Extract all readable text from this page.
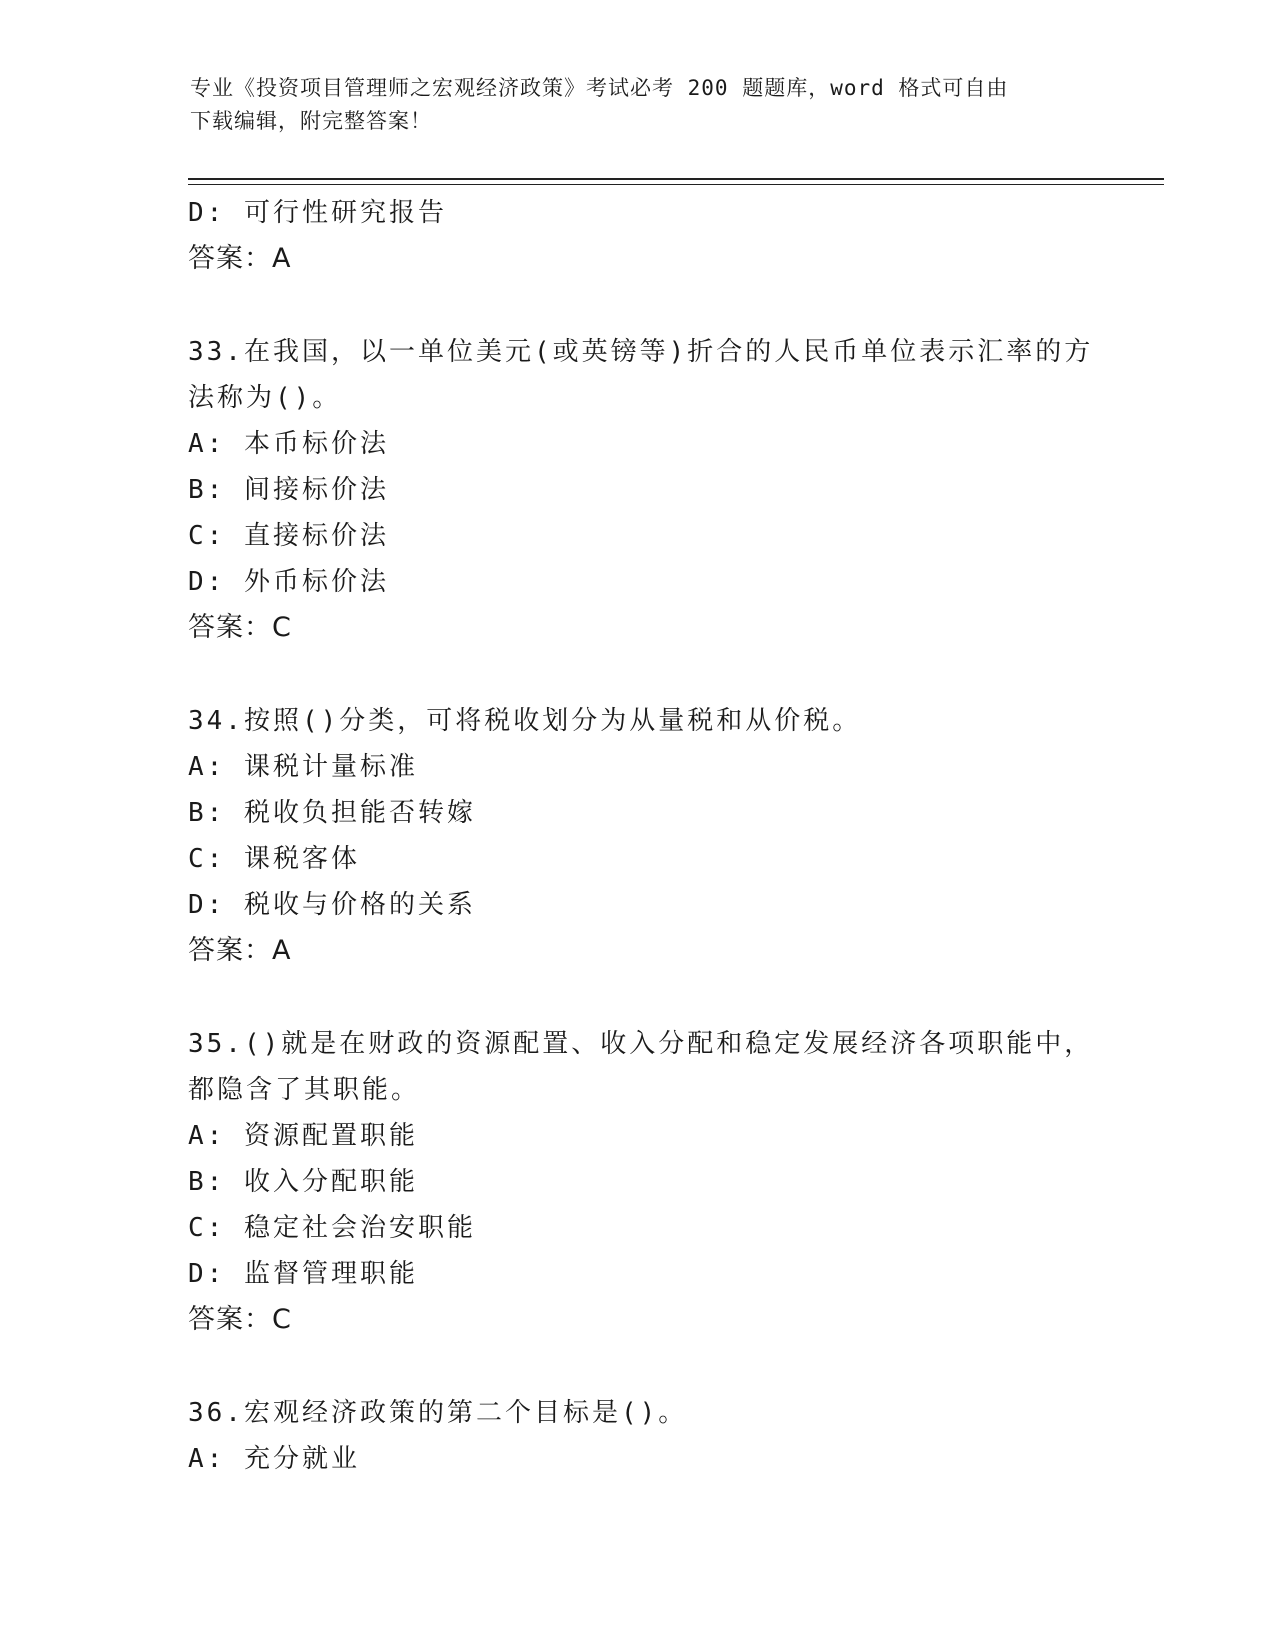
专业《投资项目管理师之宏观经济政策》考试必考 200 题题库，word 格式可自由
下载编辑，附完整答案！
D: 可行性研究报告
答案：A
33.在我国，以一单位美元(或英镑等)折合的人民币单位表示汇率的方
法称为()。
A: 本币标价法
B: 间接标价法
C: 直接标价法
D: 外币标价法
答案：C
34.按照()分类，可将税收划分为从量税和从价税。
A: 课税计量标准
B: 税收负担能否转嫁
C: 课税客体
D: 税收与价格的关系
答案：A
35.()就是在财政的资源配置、收入分配和稳定发展经济各项职能中，
都隐含了其职能。
A: 资源配置职能
B: 收入分配职能
C: 稳定社会治安职能
D: 监督管理职能
答案：C
36.宏观经济政策的第二个目标是()。
A: 充分就业
